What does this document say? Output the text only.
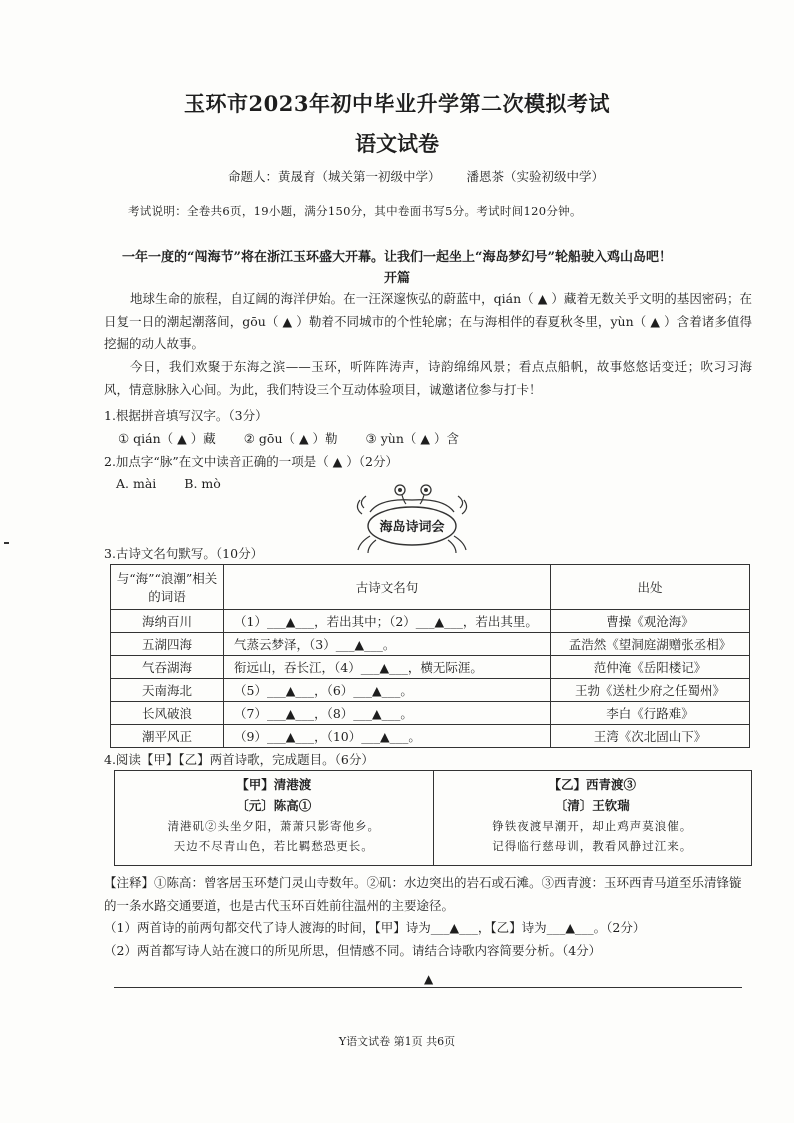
玉环市2023年初中毕业升学第二次模拟考试
语文试卷
命题人：黄晟育（城关第一初级中学） 潘恩茶（实验初级中学）
考试说明：全卷共6页，19小题，满分150分，其中卷面书写5分。考试时间120分钟。
一年一度的“闯海节”将在浙江玉环盛大开幕。让我们一起坐上“海岛梦幻号”轮船驶入鸡山岛吧！
开篇
地球生命的旅程，自辽阔的海洋伊始。在一汪深邃恢弘的蔚蓝中，qián（ ▲ ）藏着无数关乎文明的基因密码；在日复一日的潮起潮落间，gōu（ ▲ ）勒着不同城市的个性轮廓；在与海相伴的春夏秋冬里，yùn（ ▲ ）含着诸多值得挖掘的动人故事。
今日，我们欢聚于东海之滨——玉环，听阵阵涛声，诗韵绵绵风景；看点点船帆，故事悠悠话变迁；吹习习海风，情意脉脉入心间。为此，我们特设三个互动体验项目，诚邀诸位参与打卡！
1.根据拼音填写汉字。（3分）
① qián（ ▲ ）藏 ② gōu（ ▲ ）勒 ③ yùn（ ▲ ）含
2.加点字“脉”在文中读音正确的一项是（ ▲ ）（2分）
A. mài B. mò
海岛诗词会
3.古诗文名句默写。（10分）
与“海”“浪潮”相关的词语	古诗文名句	出处
海纳百川	（1）___▲___，若出其中；（2）___▲___，若出其里。	曹操《观沧海》
五湖四海	气蒸云梦泽，（3）___▲___。	孟浩然《望洞庭湖赠张丞相》
气吞湖海	衔远山，吞长江，（4）___▲___，横无际涯。	范仲淹《岳阳楼记》
天南海北	（5）___▲___，（6）___▲___。	王勃《送杜少府之任蜀州》
长风破浪	（7）___▲___，（8）___▲___。	李白《行路难》
潮平风正	（9）___▲___，（10）___▲___。	王湾《次北固山下》
4.阅读【甲】【乙】两首诗歌，完成题目。（6分）
【甲】清港渡
〔元〕陈高①
清港矶②头坐夕阳，萧萧只影寄他乡。
天边不尽青山色，若比羁愁恐更长。
【乙】西青渡③
〔清〕王钦瑞
铮铁夜渡早潮开，却止鸡声莫浪催。
记得临行慈母训，教看风静过江来。
【注释】①陈高：曾客居玉环楚门灵山寺数年。②矶：水边突出的岩石或石滩。③西青渡：玉环西青马道至乐清锋镟的一条水路交通要道，也是古代玉环百姓前往温州的主要途径。
（1）两首诗的前两句都交代了诗人渡海的时间，【甲】诗为___▲___，【乙】诗为___▲___。（2分）
（2）两首都写诗人站在渡口的所见所思，但情感不同。请结合诗歌内容简要分析。（4分）
▲
Y语文试卷 第1页 共6页
